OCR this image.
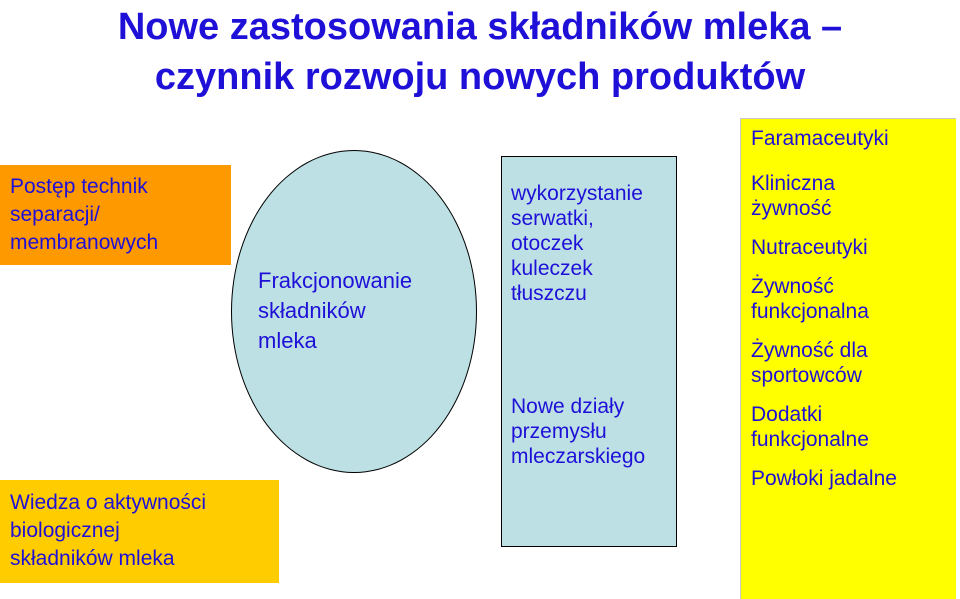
Nowe zastosowania składników mleka –
czynnik rozwoju nowych produktów
Postęp technik
separacji/
membranowych
Wiedza o aktywności
biologicznej
składników mleka
Frakcjonowanie
składników
mleka
wykorzystanie
serwatki,
otoczek
kuleczek
tłuszczu
Nowe działy
przemysłu
mleczarskiego
Faramaceutyki
Kliniczna
żywność
Nutraceutyki
Żywność
funkcjonalna
Żywność dla
sportowców
Dodatki
funkcjonalne
Powłoki jadalne
